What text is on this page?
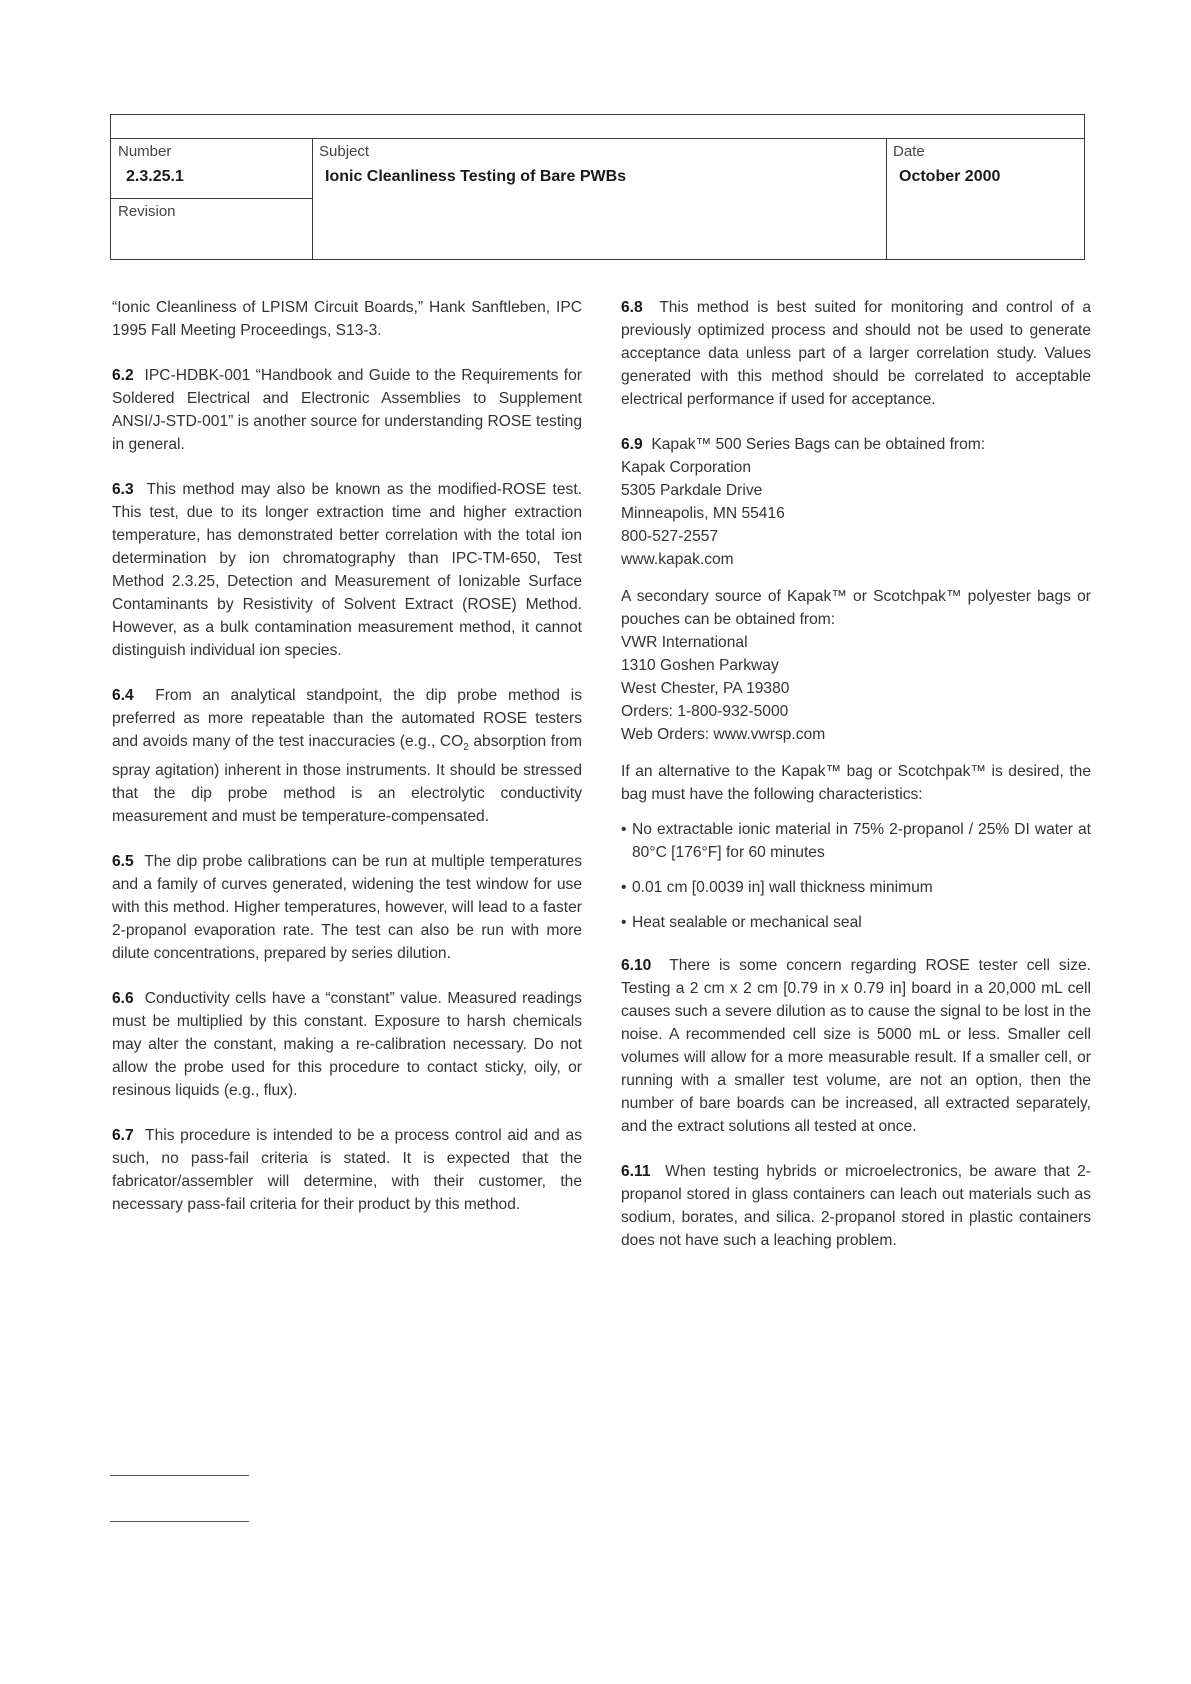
Number
2.3.25.1
Revision
Subject
Ionic Cleanliness Testing of Bare PWBs
Date
October 2000

“Ionic Cleanliness of LPISM Circuit Boards,” Hank Sanftleben, IPC 1995 Fall Meeting Proceedings, S13-3.

6.2 IPC-HDBK-001 “Handbook and Guide to the Requirements for Soldered Electrical and Electronic Assemblies to Supplement ANSI/J-STD-001” is another source for understanding ROSE testing in general.

6.3 This method may also be known as the modified-ROSE test. This test, due to its longer extraction time and higher extraction temperature, has demonstrated better correlation with the total ion determination by ion chromatography than IPC-TM-650, Test Method 2.3.25, Detection and Measurement of Ionizable Surface Contaminants by Resistivity of Solvent Extract (ROSE) Method. However, as a bulk contamination measurement method, it cannot distinguish individual ion species.

6.4 From an analytical standpoint, the dip probe method is preferred as more repeatable than the automated ROSE testers and avoids many of the test inaccuracies (e.g., $CO_2$ absorption from spray agitation) inherent in those instruments. It should be stressed that the dip probe method is an electrolytic conductivity measurement and must be temperature-compensated.

6.5 The dip probe calibrations can be run at multiple temperatures and a family of curves generated, widening the test window for use with this method. Higher temperatures, however, will lead to a faster 2-propanol evaporation rate. The test can also be run with more dilute concentrations, prepared by series dilution.

6.6 Conductivity cells have a “constant” value. Measured readings must be multiplied by this constant. Exposure to harsh chemicals may alter the constant, making a re-calibration necessary. Do not allow the probe used for this procedure to contact sticky, oily, or resinous liquids (e.g., flux).

6.7 This procedure is intended to be a process control aid and as such, no pass-fail criteria is stated. It is expected that the fabricator/assembler will determine, with their customer, the necessary pass-fail criteria for their product by this method.

6.8 This method is best suited for monitoring and control of a previously optimized process and should not be used to generate acceptance data unless part of a larger correlation study. Values generated with this method should be correlated to acceptable electrical performance if used for acceptance.

6.9 Kapak™ 500 Series Bags can be obtained from:
Kapak Corporation
5305 Parkdale Drive
Minneapolis, MN 55416
800-527-2557
www.kapak.com

A secondary source of Kapak™ or Scotchpak™ polyester bags or pouches can be obtained from:
VWR International
1310 Goshen Parkway
West Chester, PA 19380
Orders: 1-800-932-5000
Web Orders: www.vwrsp.com

If an alternative to the Kapak™ bag or Scotchpak™ is desired, the bag must have the following characteristics:

• No extractable ionic material in 75% 2-propanol / 25% DI water at 80°C [176°F] for 60 minutes
• 0.01 cm [0.0039 in] wall thickness minimum
• Heat sealable or mechanical seal

6.10 There is some concern regarding ROSE tester cell size. Testing a 2 cm x 2 cm [0.79 in x 0.79 in] board in a 20,000 mL cell causes such a severe dilution as to cause the signal to be lost in the noise. A recommended cell size is 5000 mL or less. Smaller cell volumes will allow for a more measurable result. If a smaller cell, or running with a smaller test volume, are not an option, then the number of bare boards can be increased, all extracted separately, and the extract solutions all tested at once.

6.11 When testing hybrids or microelectronics, be aware that 2-propanol stored in glass containers can leach out materials such as sodium, borates, and silica. 2-propanol stored in plastic containers does not have such a leaching problem.
